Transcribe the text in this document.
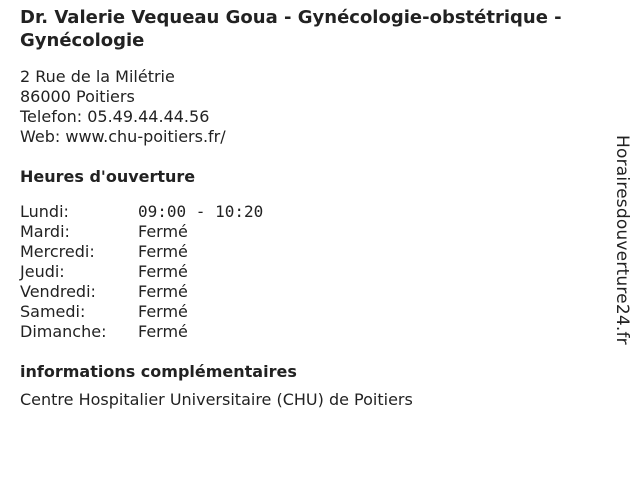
Dr. Valerie Vequeau Goua - Gynécologie-obstétrique - Gynécologie
2 Rue de la Milétrie
86000 Poitiers
Telefon: 05.49.44.44.56
Web: www.chu-poitiers.fr/
Heures d'ouverture
Lundi:	09:00 - 10:20
Mardi:	Fermé
Mercredi:	Fermé
Jeudi:	Fermé
Vendredi:	Fermé
Samedi:	Fermé
Dimanche:	Fermé
informations complémentaires
Centre Hospitalier Universitaire (CHU) de Poitiers
Horairesdouverture24.fr
